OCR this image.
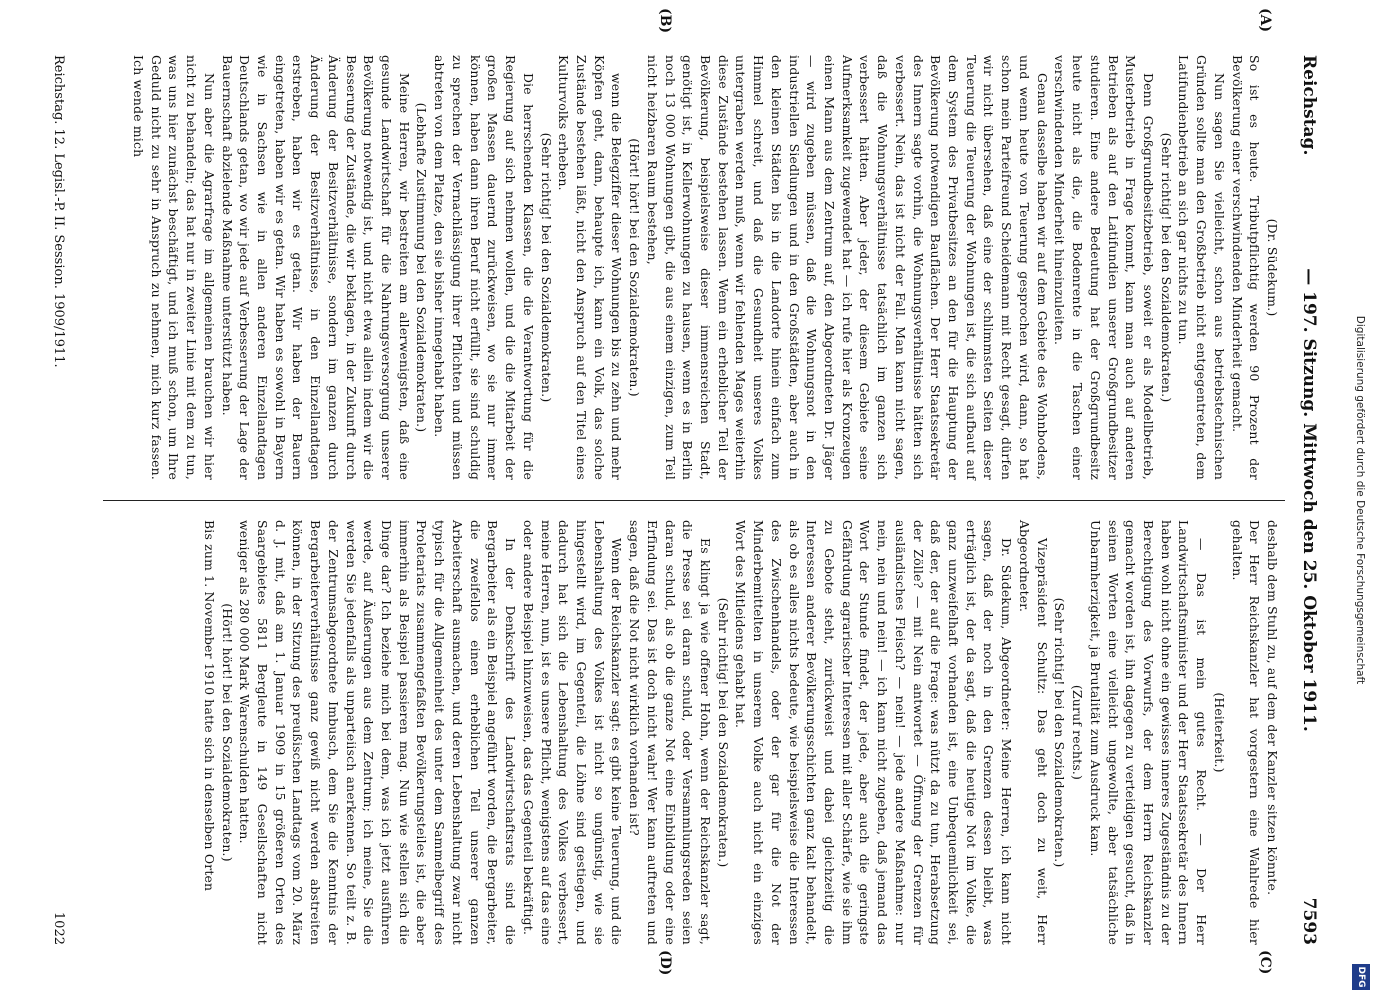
Reichstag.
— 197. Sitzung. Mittwoch den 25. Oktober 1911.
7593
(A)
(B)
(C)
(D)

(Dr. Südekum.)

So ist es heute. Tributpflichtig werden 90 Prozent der Bevölkerung einer verschwindenden Minderheit gemacht.

Nun sagen Sie vielleicht, schon aus betriebstechnischen Gründen sollte man den Großbetrieb nicht entgegentreten, dem Latifundienbetrieb an sich gar nichts zu tun.

(Sehr richtig! bei den Sozialdemokraten.)

Denn Großgrundbesitzbetrieb, soweit er als Modellbetrieb, Musterbetrieb in Frage kommt, kann man auch auf anderen Betrieben als auf den Latifundien unserer Großgrundbesitzer studieren. Eine andere Bedeutung hat der Großgrundbesitz heute nicht als die, die Bodenrente in die Taschen einer verschwindenden Minderheit hineinzuleiten.

Genau dasselbe haben wir auf dem Gebiete des Wohnbodens, und wenn heute von Teuerung gesprochen wird, dann, so hat schon mein Parteifreund Scheidemann mit Recht gesagt, dürfen wir nicht übersehen, daß eine der schlimmsten Seiten dieser Teuerung die Teuerung der Wohnungen ist, die sich aufbaut auf dem System des Privatbesitzes an den für die Hauptung der Bevölkerung notwendigen Bauflächen. Der Herr Staatssekretär des Innern sagte vorhin, die Wohnungsverhältnisse hätten sich verbessert. Nein, das ist nicht der Fall. Man kann nicht sagen, daß die Wohnungsverhältnisse tatsächlich im ganzen sich verbessert hätten. Aber jeder, der diesem Gebiete seine Aufmerksamkeit zugewendet hat — ich rufe hier als Kronzeugen einen Mann aus dem Zentrum auf, den Abgeordneten Dr. Jäger — wird zugeben müssen, daß die Wohnungsnot in den industriellen Siedlungen und in den Großstädten, aber auch in den kleinen Städten bis in die Landorte hinein einfach zum Himmel schreit, und daß die Gesundheit unseres Volkes untergraben werden muß, wenn wir fehlenden Mages weiterhin diese Zustände bestehen lassen. Wenn ein erheblicher Teil der Bevölkerung, beispielsweise dieser immensreichen Stadt, genötigt ist, in Kellerwohnungen zu hausen, wenn es in Berlin noch 13 000 Wohnungen gibt, die aus einem einzigen, zum Teil nicht heizbaren Raum bestehen,

(Hört! hört! bei den Sozialdemokraten.)

wenn die Belegziffer dieser Wohnungen bis zu zehn und mehr Köpfen geht, dann, behaupte ich, kann ein Volk, das solche Zustände bestehen läßt, nicht den Anspruch auf den Titel eines Kulturvolks erheben.

(Sehr richtig! bei den Sozialdemokraten.)

Die herrschenden Klassen, die die Verantwortung für die Regierung auf sich nehmen wollen, und die die Mitarbeit der großen Massen dauernd zurückweisen, wo sie nur immer können, haben dann ihren Beruf nicht erfüllt, sie sind schuldig zu sprechen der Vernachlässigung ihrer Pflichten und müssen abtreten von dem Platze, den sie bisher innegehabt haben.

(Lebhafte Zustimmung bei den Sozialdemokraten.)

Meine Herren, wir bestreiten am allerwenigsten, daß eine gesunde Landwirtschaft für die Nahrungsversorgung unserer Bevölkerung notwendig ist, und nicht etwa allein indem wir die Besserung der Zustände, die wir beklagen, in der Zukunft durch Änderung der Besitzverhältnisse, sondern im ganzen durch Änderung der Besitzverhältnisse, in den Einzellandtagen erstreben, haben wir es getan. Wir haben der Bauern eingetreten, haben wir es getan. Wir haben es sowohl in Bayern wie in Sachsen wie in allen anderen Einzellandtagen Deutschlands getan, wo wir jede auf Verbesserung der Lage der Bauernschaft abzielende Maßnahme unterstützt haben.

Nun aber die Agrarfrage im allgemeinen brauchen wir hier nicht zu behandeln; das hat nur in zweiter Linie mit dem zu tun, was uns hier zunächst beschäftigt, und ich muß schon, um Ihre Geduld nicht zu sehr in Anspruch zu nehmen, mich kurz fassen. Ich wende mich

deshalb dem Stuhl zu, auf dem der Kanzler sitzen könnte.

Der Herr Reichskanzler hat vorgestern eine Wahlrede hier gehalten.

(Heiterkeit.)

— Das ist mein gutes Recht. — Der Herr Landwirtschaftsminister und der Herr Staatssekretär des Innern haben wohl nicht ohne ein gewisses inneres Zugeständnis zu der Berechtigung des Vorwurfs, der dem Herrn Reichskanzler gemacht worden ist, ihn dagegen zu verteidigen gesucht, daß in seinen Worten eine vielleicht ungewollte, aber tatsächliche Unbarmherzigkeit, ja Brutalität zum Ausdruck kam.

(Zuruf rechts.)

(Sehr richtig! bei den Sozialdemokraten.)

Vizepräsident Schultz: Das geht doch zu weit, Herr Abgeordneter.

Dr. Südekum, Abgeordneter: Meine Herren, ich kann nicht sagen, daß der noch in den Grenzen dessen bleibt, was erträglich ist, der da sagt, daß die heutige Not im Volke, die ganz unzweifelhaft vorhanden ist, eine Unbequemlichkeit sei, daß der, der auf die Frage: was nützt da zu tun, Herabsetzung der Zölle? — mit Nein antwortet — Öffnung der Grenzen für ausländisches Fleisch? — nein! — jede andere Maßnahme: nur nein, nein und nein! — ich kann nicht zugeben, daß jemand das Wort der Stunde findet, der jede, aber auch die geringste Gefährdung agrarischer Interessen mit aller Schärfe, wie sie ihm zu Gebote steht, zurückweist und dabei gleichzeitig die Interessen anderer Bevölkerungsschichten ganz kalt behandelt, als ob es alles nichts bedeute, wie beispielsweise die Interessen des Zwischenhandels, oder der gar für die Not der Minderbemittelten in unserem Volke auch nicht ein einziges Wort des Mitleidens gehabt hat.

(Sehr richtig! bei den Sozialdemokraten.)

Es klingt ja wie offener Hohn, wenn der Reichskanzler sagt, die Presse sei daran schuld, oder Versammlungsreden seien daran schuld, als ob die ganze Not eine Einbildung oder eine Erfindung sei. Das ist doch nicht wahr! Wer kann auftreten und sagen, daß die Not nicht wirklich vorhanden ist?

Wenn der Reichskanzler sagt: es gibt keine Teuerung, und die Lebenshaltung des Volkes ist nicht so ungünstig, wie sie hingestellt wird, im Gegenteil, die Löhne sind gestiegen, und dadurch hat sich die Lebenshaltung des Volkes verbessert, meine Herren, nun, ist es unsere Pflicht, wenigstens auf das eine oder andere Beispiel hinzuweisen, das das Gegenteil bekräftigt.

In der Denkschrift des Landwirtschaftsrats sind die Bergarbeiter als ein Beispiel angeführt worden, die Bergarbeiter, die zweifellos einen erheblichen Teil unserer ganzen Arbeiterschaft ausmachen, und deren Lebenshaltung zwar nicht typisch für die Allgemeinheit des unter dem Sammelbegriff des Proletariats zusammengefaßten Bevölkerungsteiles ist, die aber immerhin als Beispiel passieren mag. Nun wie stellen sich die Dinge dar? Ich beziehe mich bei dem, was ich jetzt ausführen werde, auf Äußerungen aus dem Zentrum; ich meine, Sie die werden Sie jedenfalls als unparteiisch anerkennen. So teilt z. B. der Zentrumsabgeordnete Imbusch, dem Sie die Kenntnis der Bergarbeiterverhältnisse ganz gewiß nicht werden abstreiten können, in der Sitzung des preußischen Landtags vom 20. März d. J. mit, daß am 1. Januar 1909 in 15 größeren Orten des Saargebietes 5811 Bergleute in 149 Gesellschaften nicht weniger als 280 000 Mark Warenschulden hatten.

(Hört! hört! bei den Sozialdemokraten.)

Bis zum 1. November 1910 hatte sich in denselben Orten

Reichstag. 12. Legisl.-P. II. Session. 1909/1911.
1022
Digitalisierung gefördert durch die Deutsche Forschungsgemeinschaft
DFG
